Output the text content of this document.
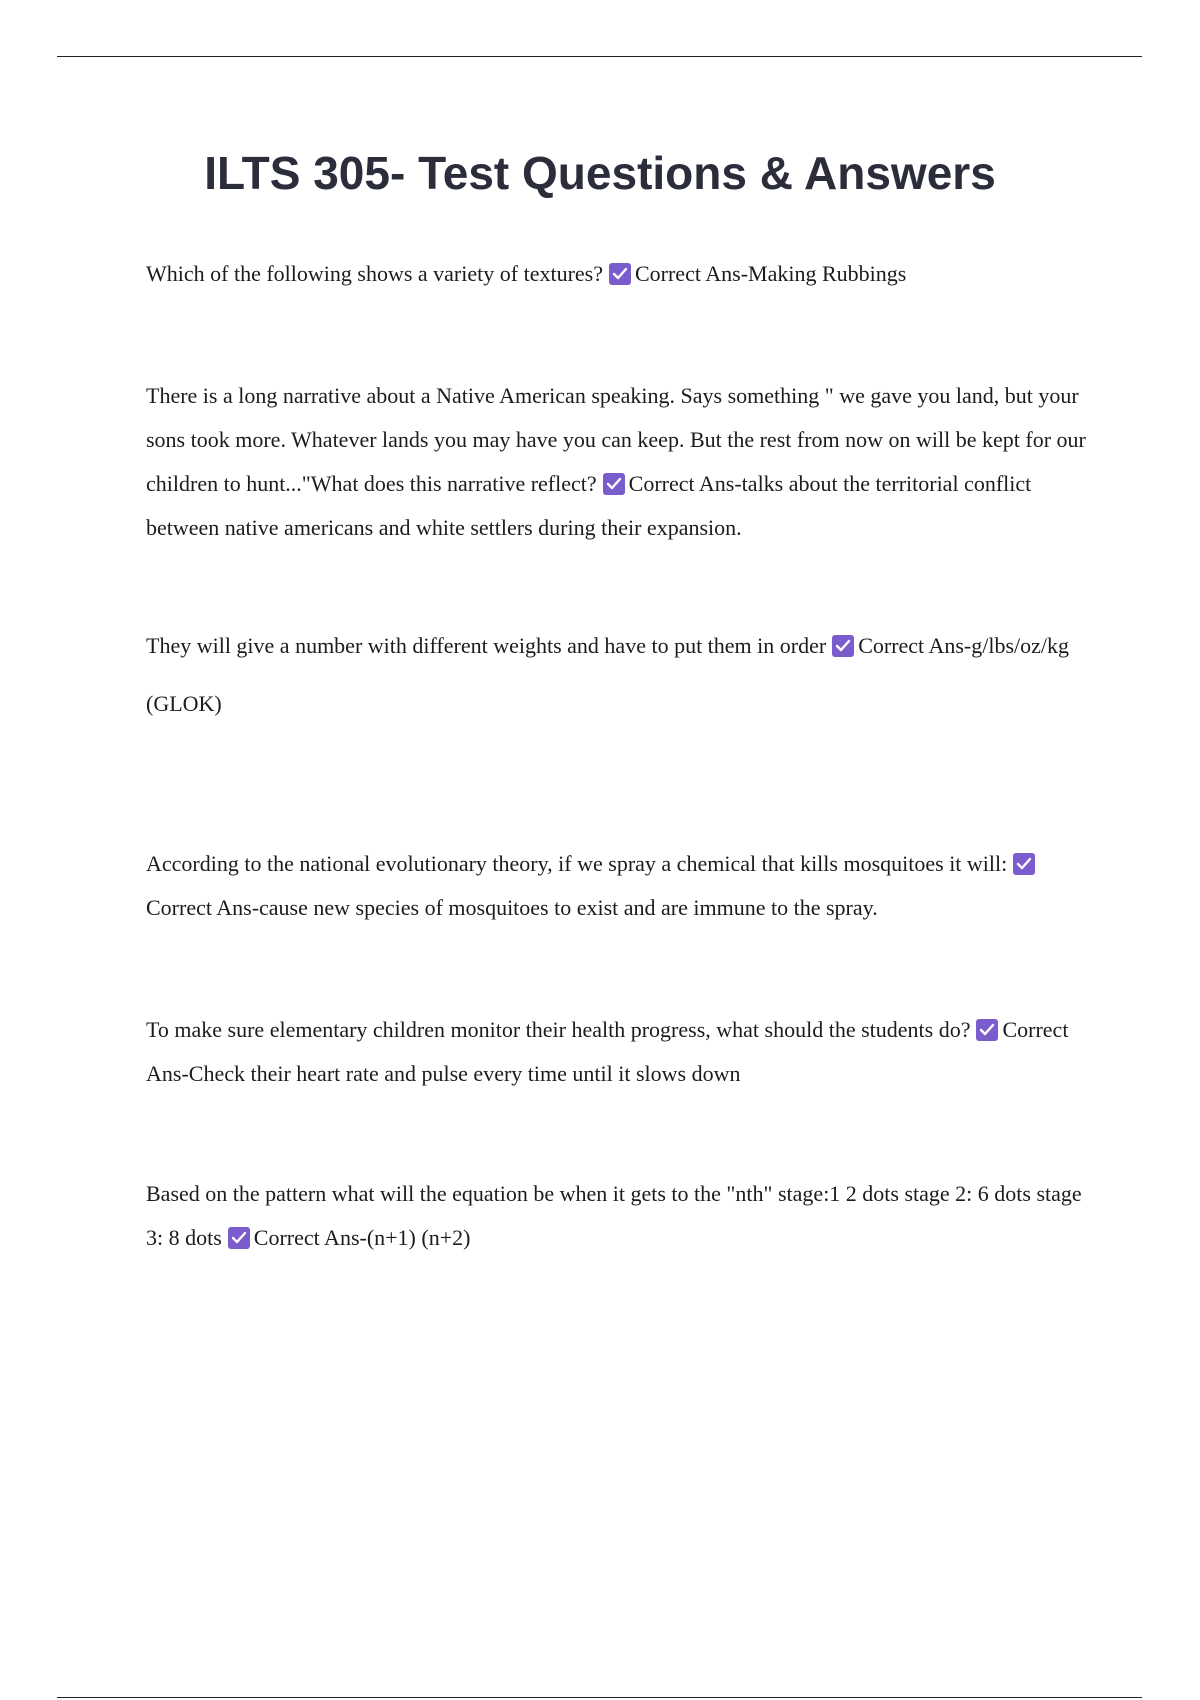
ILTS 305- Test Questions & Answers

Which of the following shows a variety of textures? Correct Ans-Making Rubbings

There is a long narrative about a Native American speaking. Says something " we gave you land, but your sons took more. Whatever lands you may have you can keep. But the rest from now on will be kept for our children to hunt..."What does this narrative reflect? Correct Ans-talks about the territorial conflict between native americans and white settlers during their expansion.

They will give a number with different weights and have to put them in order Correct Ans-g/lbs/oz/kg

(GLOK)

According to the national evolutionary theory, if we spray a chemical that kills mosquitoes it will:
Correct Ans-cause new species of mosquitoes to exist and are immune to the spray.

To make sure elementary children monitor their health progress, what should the students do? Correct Ans-Check their heart rate and pulse every time until it slows down

Based on the pattern what will the equation be when it gets to the "nth" stage:1 2 dots stage 2: 6 dots stage 3: 8 dots Correct Ans-(n+1) (n+2)
